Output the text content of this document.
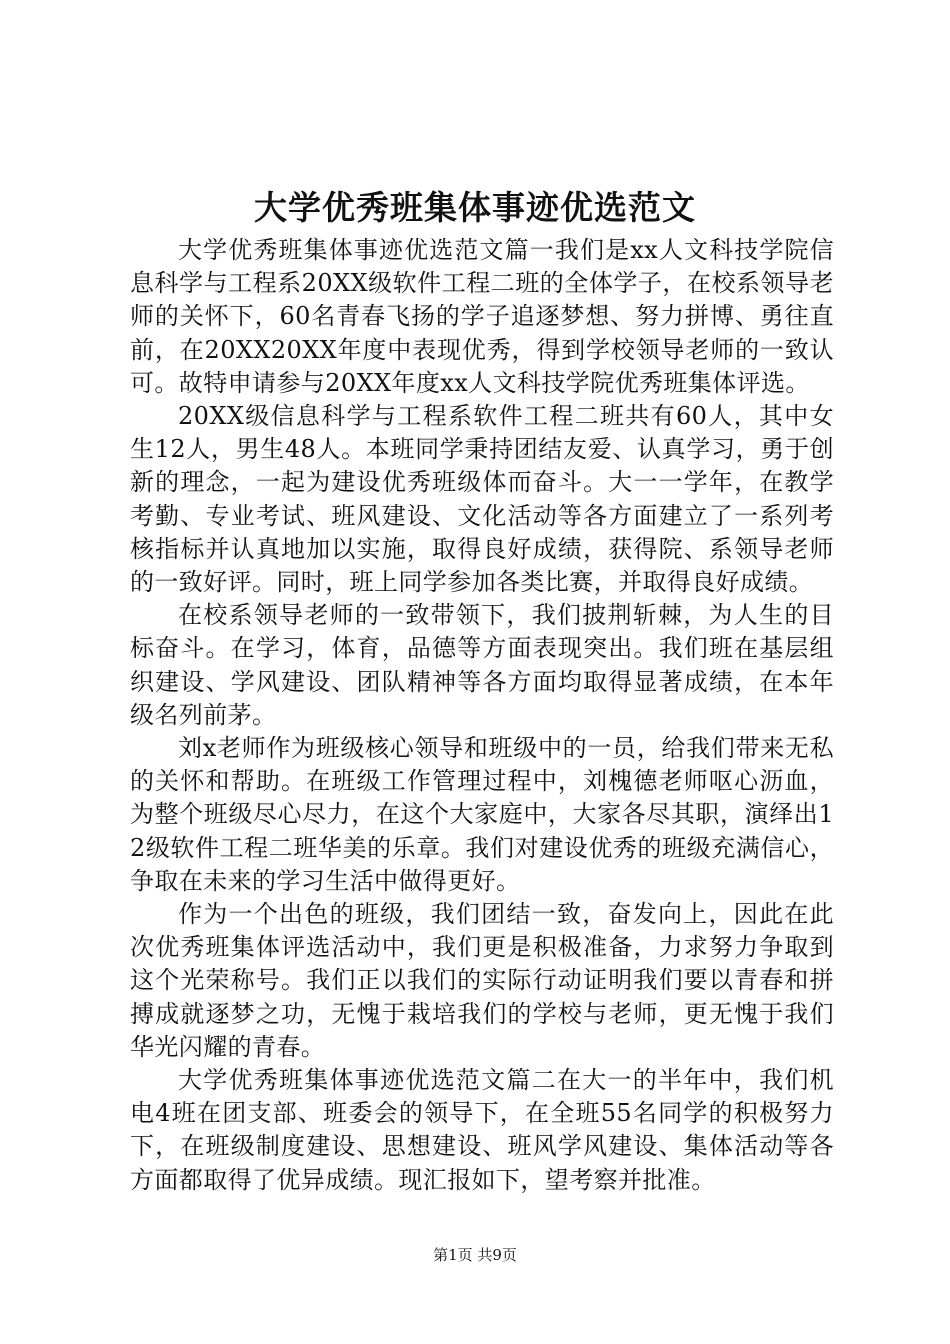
大学优秀班集体事迹优选范文

大学优秀班集体事迹优选范文篇一我们是xx人文科技学院信息科学与工程系20XX级软件工程二班的全体学子，在校系领导老师的关怀下，60名青春飞扬的学子追逐梦想、努力拼博、勇往直前，在20XX20XX年度中表现优秀，得到学校领导老师的一致认可。故特申请参与20XX年度xx人文科技学院优秀班集体评选。

20XX级信息科学与工程系软件工程二班共有60人，其中女生12人，男生48人。本班同学秉持团结友爱、认真学习，勇于创新的理念，一起为建设优秀班级体而奋斗。大一一学年，在教学考勤、专业考试、班风建设、文化活动等各方面建立了一系列考核指标并认真地加以实施，取得良好成绩，获得院、系领导老师的一致好评。同时，班上同学参加各类比赛，并取得良好成绩。

在校系领导老师的一致带领下，我们披荆斩棘，为人生的目标奋斗。在学习，体育，品德等方面表现突出。我们班在基层组织建设、学风建设、团队精神等各方面均取得显著成绩，在本年级名列前茅。

刘x老师作为班级核心领导和班级中的一员，给我们带来无私的关怀和帮助。在班级工作管理过程中，刘槐德老师呕心沥血，为整个班级尽心尽力，在这个大家庭中，大家各尽其职，演绎出12级软件工程二班华美的乐章。我们对建设优秀的班级充满信心，争取在未来的学习生活中做得更好。

作为一个出色的班级，我们团结一致，奋发向上，因此在此次优秀班集体评选活动中，我们更是积极准备，力求努力争取到这个光荣称号。我们正以我们的实际行动证明我们要以青春和拼搏成就逐梦之功，无愧于栽培我们的学校与老师，更无愧于我们华光闪耀的青春。

大学优秀班集体事迹优选范文篇二在大一的半年中，我们机电4班在团支部、班委会的领导下，在全班55名同学的积极努力下，在班级制度建设、思想建设、班风学风建设、集体活动等各方面都取得了优异成绩。现汇报如下，望考察并批准。

第1页 共9页
